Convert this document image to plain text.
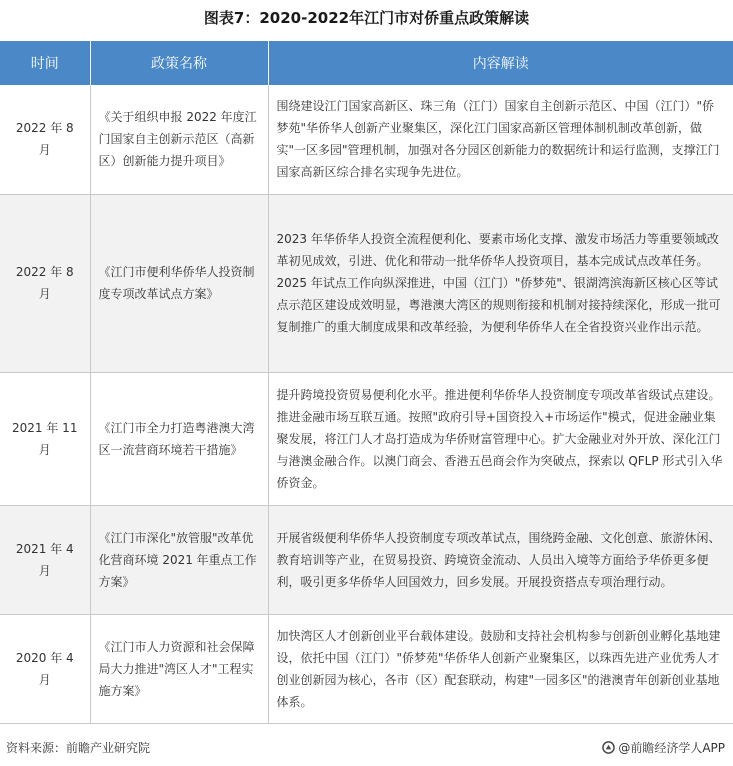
图表7：2020-2022年江门市对侨重点政策解读
时间	政策名称	内容解读
2022 年 8 月	《关于组织申报 2022 年度江门国家自主创新示范区（高新区）创新能力提升项目》	围绕建设江门国家高新区、珠三角（江门）国家自主创新示范区、中国（江门）"侨梦苑"华侨华人创新产业聚集区，深化江门国家高新区管理体制机制改革创新，做实"一区多园"管理机制，加强对各分园区创新能力的数据统计和运行监测，支撑江门国家高新区综合排名实现争先进位。
2022 年 8 月	《江门市便利华侨华人投资制度专项改革试点方案》	2023 年华侨华人投资全流程便利化、要素市场化支撑、激发市场活力等重要领域改革初见成效，引进、优化和带动一批华侨华人投资项目，基本完成试点改革任务。
2025 年试点工作向纵深推进，中国（江门）"侨梦苑"、银湖湾滨海新区核心区等试点示范区建设成效明显，粤港澳大湾区的规则衔接和机制对接持续深化，形成一批可复制推广的重大制度成果和改革经验，为便利华侨华人在全省投资兴业作出示范。
2021 年 11 月	《江门市全力打造粤港澳大湾区一流营商环境若干措施》	提升跨境投资贸易便利化水平。推进便利华侨华人投资制度专项改革省级试点建设。推进金融市场互联互通。按照"政府引导+国资投入+市场运作"模式，促进金融业集聚发展，将江门人才岛打造成为华侨财富管理中心。扩大金融业对外开放、深化江门与港澳金融合作。以澳门商会、香港五邑商会作为突破点，探索以 QFLP 形式引入华侨资金。
2021 年 4 月	《江门市深化"放管服"改革优化营商环境 2021 年重点工作方案》	开展省级便利华侨华人投资制度专项改革试点，围绕跨金融、文化创意、旅游休闲、教育培训等产业，在贸易投资、跨境资金流动、人员出入境等方面给予华侨更多便利，吸引更多华侨华人回国效力，回乡发展。开展投资搭点专项治理行动。
2020 年 4 月	《江门市人力资源和社会保障局大力推进"湾区人才"工程实施方案》	加快湾区人才创新创业平台载体建设。鼓励和支持社会机构参与创新创业孵化基地建设，依托中国（江门）"侨梦苑"华侨华人创新产业聚集区，以珠西先进产业优秀人才创业创新园为核心，各市（区）配套联动，构建"一园多区"的港澳青年创新创业基地体系。
资料来源：前瞻产业研究院	@前瞻经济学人APP
